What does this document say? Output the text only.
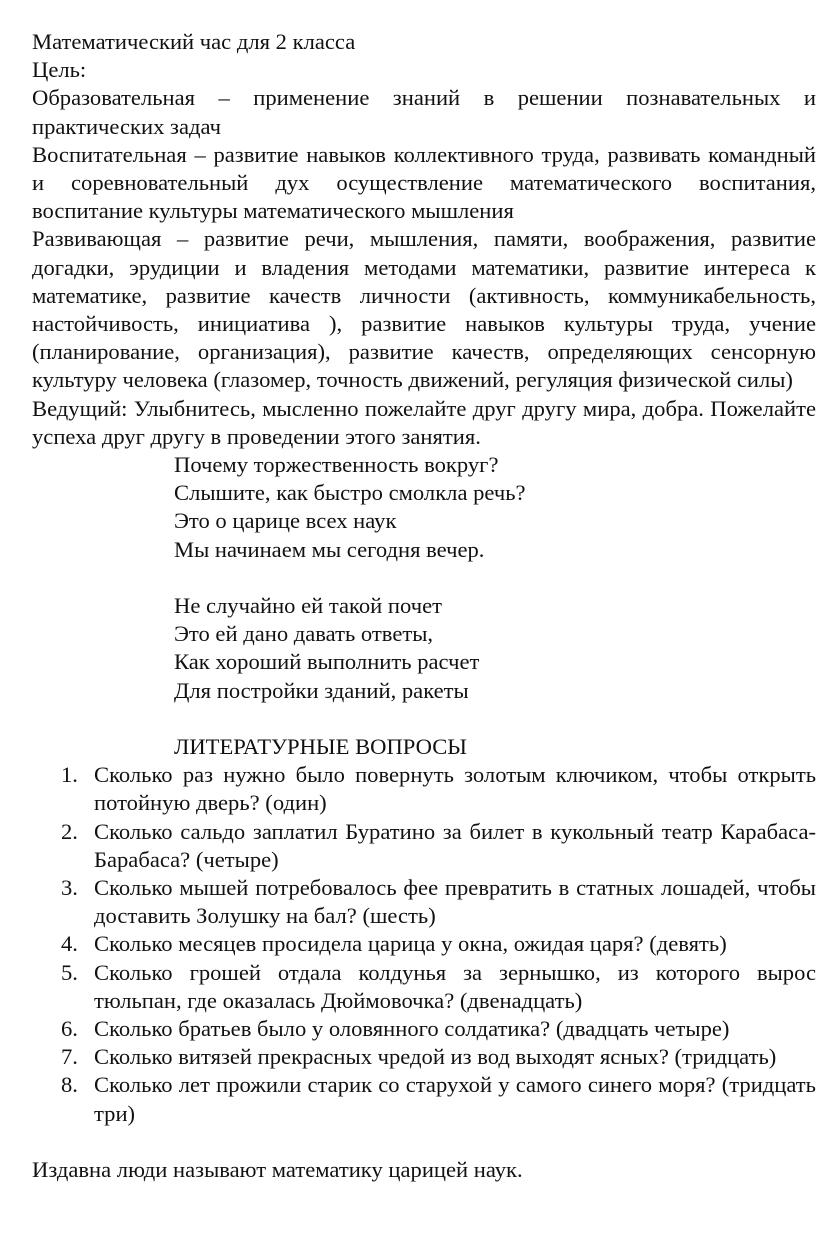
Математический час для 2 класса
Цель:
Образовательная – применение знаний в решении познавательных и практических задач
Воспитательная – развитие навыков коллективного труда, развивать командный и соревновательный дух осуществление математического воспитания, воспитание культуры математического мышления
Развивающая – развитие речи, мышления, памяти, воображения, развитие догадки, эрудиции и владения методами математики, развитие интереса к математике, развитие качеств личности (активность, коммуникабельность, настойчивость, инициатива ), развитие навыков культуры труда, учение (планирование, организация), развитие качеств, определяющих сенсорную культуру человека (глазомер, точность движений, регуляция физической силы)
Ведущий: Улыбнитесь, мысленно пожелайте друг другу мира, добра. Пожелайте успеха друг другу в проведении этого занятия.
Почему торжественность вокруг?
Слышите, как быстро смолкла речь?
Это о царице всех наук
Мы начинаем мы сегодня вечер.
Не случайно ей такой почет
Это ей дано давать ответы,
Как хороший выполнить расчет
Для постройки зданий, ракеты
ЛИТЕРАТУРНЫЕ ВОПРОСЫ
1. Сколько раз нужно было повернуть золотым ключиком, чтобы открыть потойную дверь? (один)
2. Сколько сальдо заплатил Буратино за билет в кукольный театр Карабаса-Барабаса? (четыре)
3. Сколько мышей потребовалось фее превратить в статных лошадей, чтобы доставить Золушку на бал? (шесть)
4. Сколько месяцев просидела царица у окна, ожидая царя? (девять)
5. Сколько грошей отдала колдунья за зернышко, из которого вырос тюльпан, где оказалась Дюймовочка? (двенадцать)
6. Сколько братьев было у оловянного солдатика? (двадцать четыре)
7. Сколько витязей прекрасных чредой из вод выходят ясных? (тридцать)
8. Сколько лет прожили старик со старухой у самого синего моря? (тридцать три)
Издавна люди называют математику царицей наук.
